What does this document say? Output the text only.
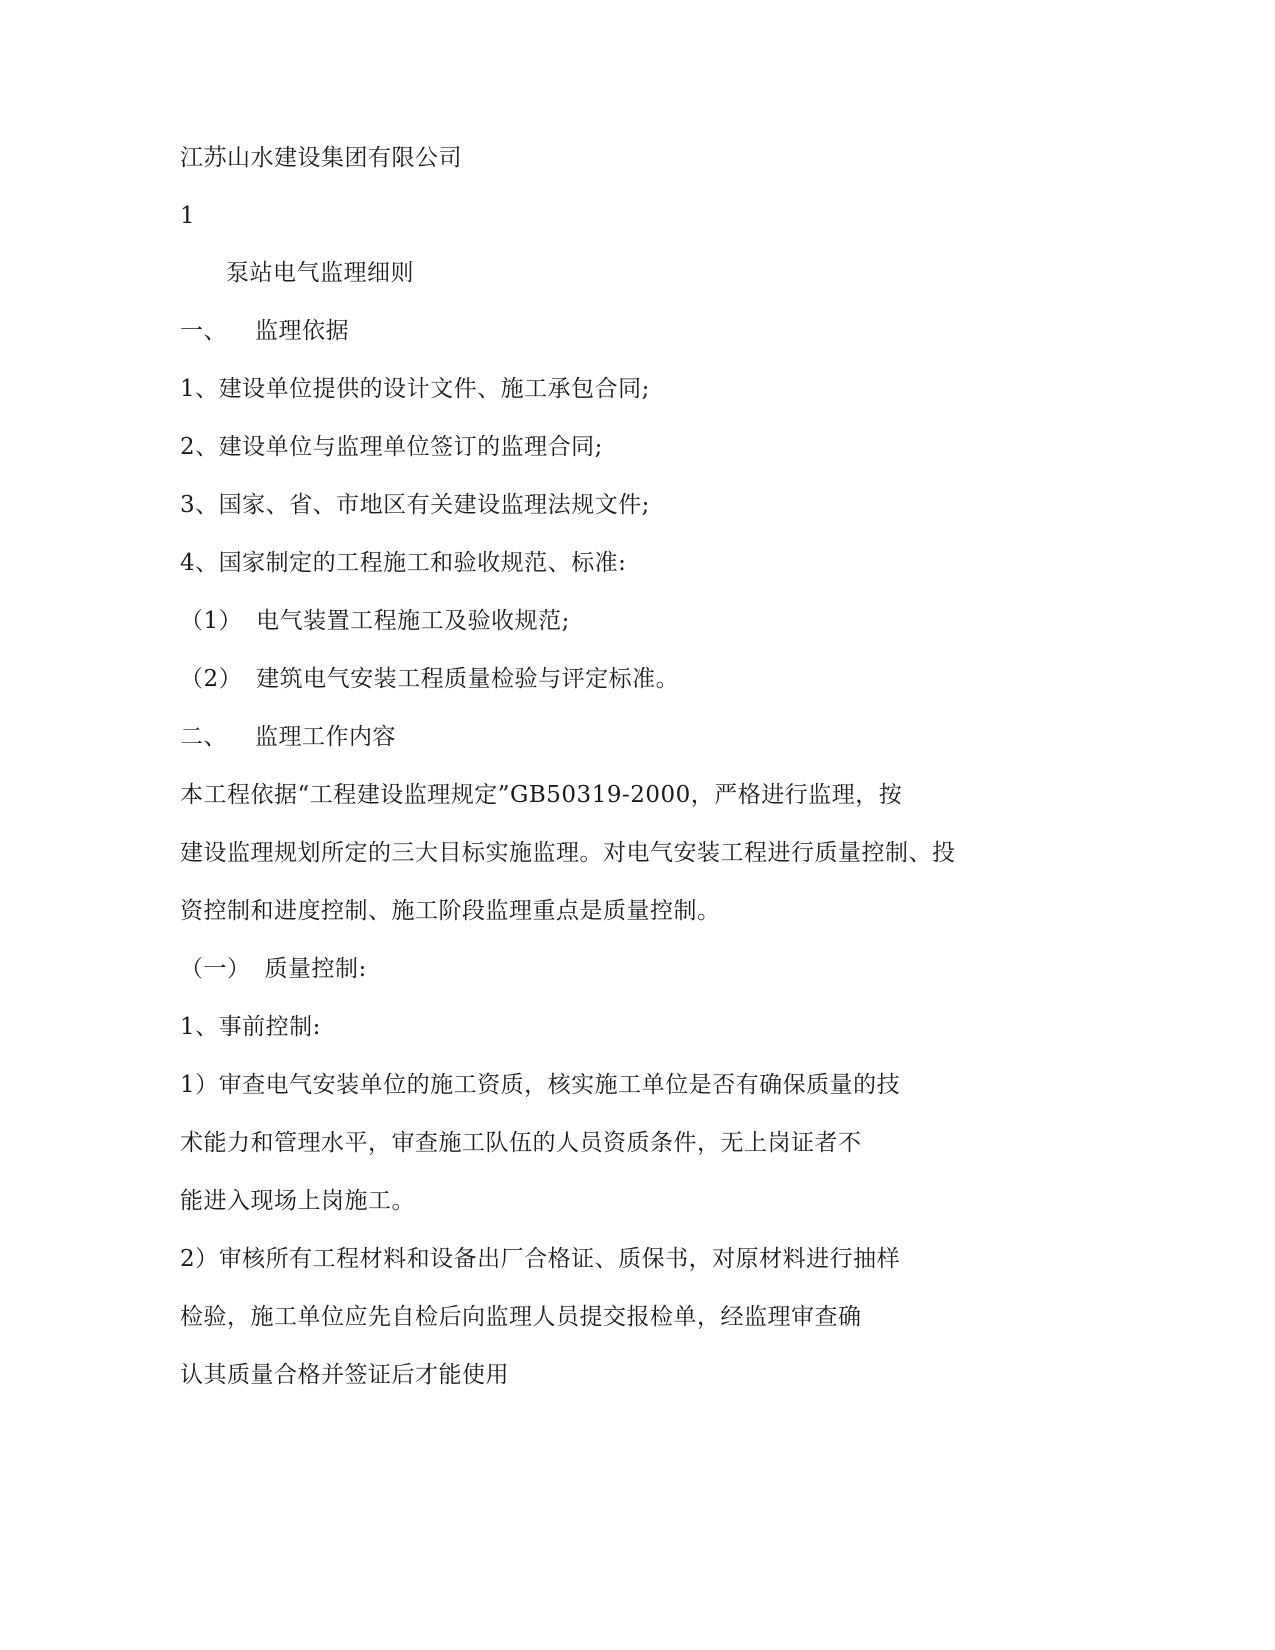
江苏山水建设集团有限公司
1
泵站电气监理细则
一、 监理依据
1、建设单位提供的设计文件、施工承包合同;
2、建设单位与监理单位签订的监理合同;
3、国家、省、市地区有关建设监理法规文件;
4、国家制定的工程施工和验收规范、标准:
（1） 电气装置工程施工及验收规范;
（2） 建筑电气安装工程质量检验与评定标准。
二、 监理工作内容
本工程依据“工程建设监理规定”GB50319-2000，严格进行监理，按
建设监理规划所定的三大目标实施监理。对电气安装工程进行质量控制、投
资控制和进度控制、施工阶段监理重点是质量控制。
（一） 质量控制:
1、事前控制:
1）审查电气安装单位的施工资质，核实施工单位是否有确保质量的技
术能力和管理水平，审查施工队伍的人员资质条件，无上岗证者不
能进入现场上岗施工。
2）审核所有工程材料和设备出厂合格证、质保书，对原材料进行抽样
检验，施工单位应先自检后向监理人员提交报检单，经监理审查确
认其质量合格并签证后才能使用
